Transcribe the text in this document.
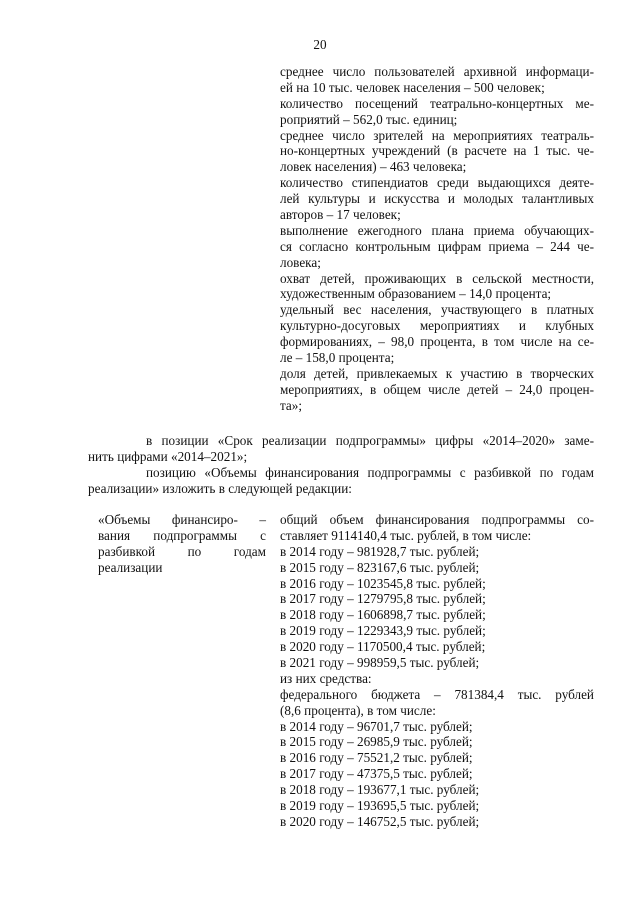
20
среднее число пользователей архивной информаци-
ей на 10 тыс. человек населения – 500 человек;
количество посещений театрально-концертных ме-
роприятий – 562,0 тыс. единиц;
среднее число зрителей на мероприятиях театраль-
но-концертных учреждений (в расчете на 1 тыс. че-
ловек населения) – 463 человека;
количество стипендиатов среди выдающихся деяте-
лей культуры и искусства и молодых талантливых
авторов – 17 человек;
выполнение ежегодного плана приема обучающих-
ся согласно контрольным цифрам приема – 244 че-
ловека;
охват детей, проживающих в сельской местности,
художественным образованием – 14,0 процента;
удельный вес населения, участвующего в платных
культурно-досуговых мероприятиях и клубных
формированиях, – 98,0 процента, в том числе на се-
ле – 158,0 процента;
доля детей, привлекаемых к участию в творческих
мероприятиях, в общем числе детей – 24,0 процен-
та»;
в позиции «Срок реализации подпрограммы» цифры «2014–2020» заме-
нить цифрами «2014–2021»;
позицию «Объемы финансирования подпрограммы с разбивкой по годам
реализации» изложить в следующей редакции:
«Объемы финансиро- –
вания подпрограммы с
разбивкой по годам
реализации
общий объем финансирования подпрограммы со-
ставляет 9114140,4 тыс. рублей, в том числе:
в 2014 году – 981928,7 тыс. рублей;
в 2015 году – 823167,6 тыс. рублей;
в 2016 году – 1023545,8 тыс. рублей;
в 2017 году – 1279795,8 тыс. рублей;
в 2018 году – 1606898,7 тыс. рублей;
в 2019 году – 1229343,9 тыс. рублей;
в 2020 году – 1170500,4 тыс. рублей;
в 2021 году – 998959,5 тыс. рублей;
из них средства:
федерального бюджета – 781384,4 тыс. рублей
(8,6 процента), в том числе:
в 2014 году – 96701,7 тыс. рублей;
в 2015 году – 26985,9 тыс. рублей;
в 2016 году – 75521,2 тыс. рублей;
в 2017 году – 47375,5 тыс. рублей;
в 2018 году – 193677,1 тыс. рублей;
в 2019 году – 193695,5 тыс. рублей;
в 2020 году – 146752,5 тыс. рублей;
